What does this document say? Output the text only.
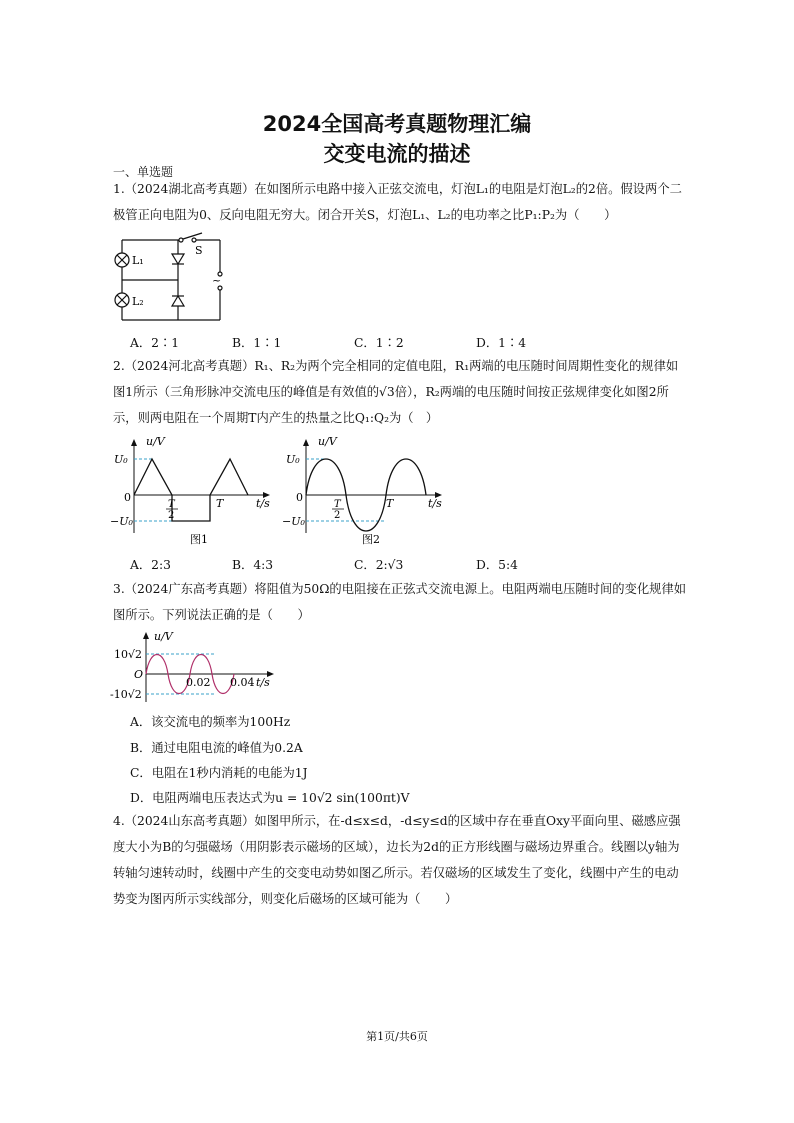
2024全国高考真题物理汇编
交变电流的描述
一、单选题
1.（2024湖北高考真题）在如图所示电路中接入正弦交流电，灯泡L₁的电阻是灯泡L₂的2倍。假设两个二极管正向电阻为0、反向电阻无穷大。闭合开关S，灯泡L₁、L₂的电功率之比P₁:P₂为（　　）
S
L₁
L₂
~
A．2∶1	B．1∶1	C．1∶2	D．1∶4
2.（2024河北高考真题）R₁、R₂为两个完全相同的定值电阻，R₁两端的电压随时间周期性变化的规律如图1所示（三角形脉冲交流电压的峰值是有效值的√3倍），R₂两端的电压随时间按正弦规律变化如图2所示，则两电阻在一个周期T内产生的热量之比Q₁:Q₂为（　）
u/V
U₀
−U₀
0
T
2
T	t/s
图1
u/V
U₀
−U₀
0
T
2
T	t/s
图2
A．2:3	B．4:3	C．2:√3	D．5:4
3.（2024广东高考真题）将阻值为50Ω的电阻接在正弦式交流电源上。电阻两端电压随时间的变化规律如图所示。下列说法正确的是（　　）
u/V
10√2
-10√2
O
0.02 0.04 t/s
A．该交流电的频率为100Hz
B．通过电阻电流的峰值为0.2A
C．电阻在1秒内消耗的电能为1J
D．电阻两端电压表达式为u = 10√2 sin(100πt)V
4.（2024山东高考真题）如图甲所示，在-d≤x≤d，-d≤y≤d的区域中存在垂直Oxy平面向里、磁感应强度大小为B的匀强磁场（用阴影表示磁场的区域），边长为2d的正方形线圈与磁场边界重合。线圈以y轴为转轴匀速转动时，线圈中产生的交变电动势如图乙所示。若仅磁场的区域发生了变化，线圈中产生的电动势变为图丙所示实线部分，则变化后磁场的区域可能为（　　）
第1页/共6页
